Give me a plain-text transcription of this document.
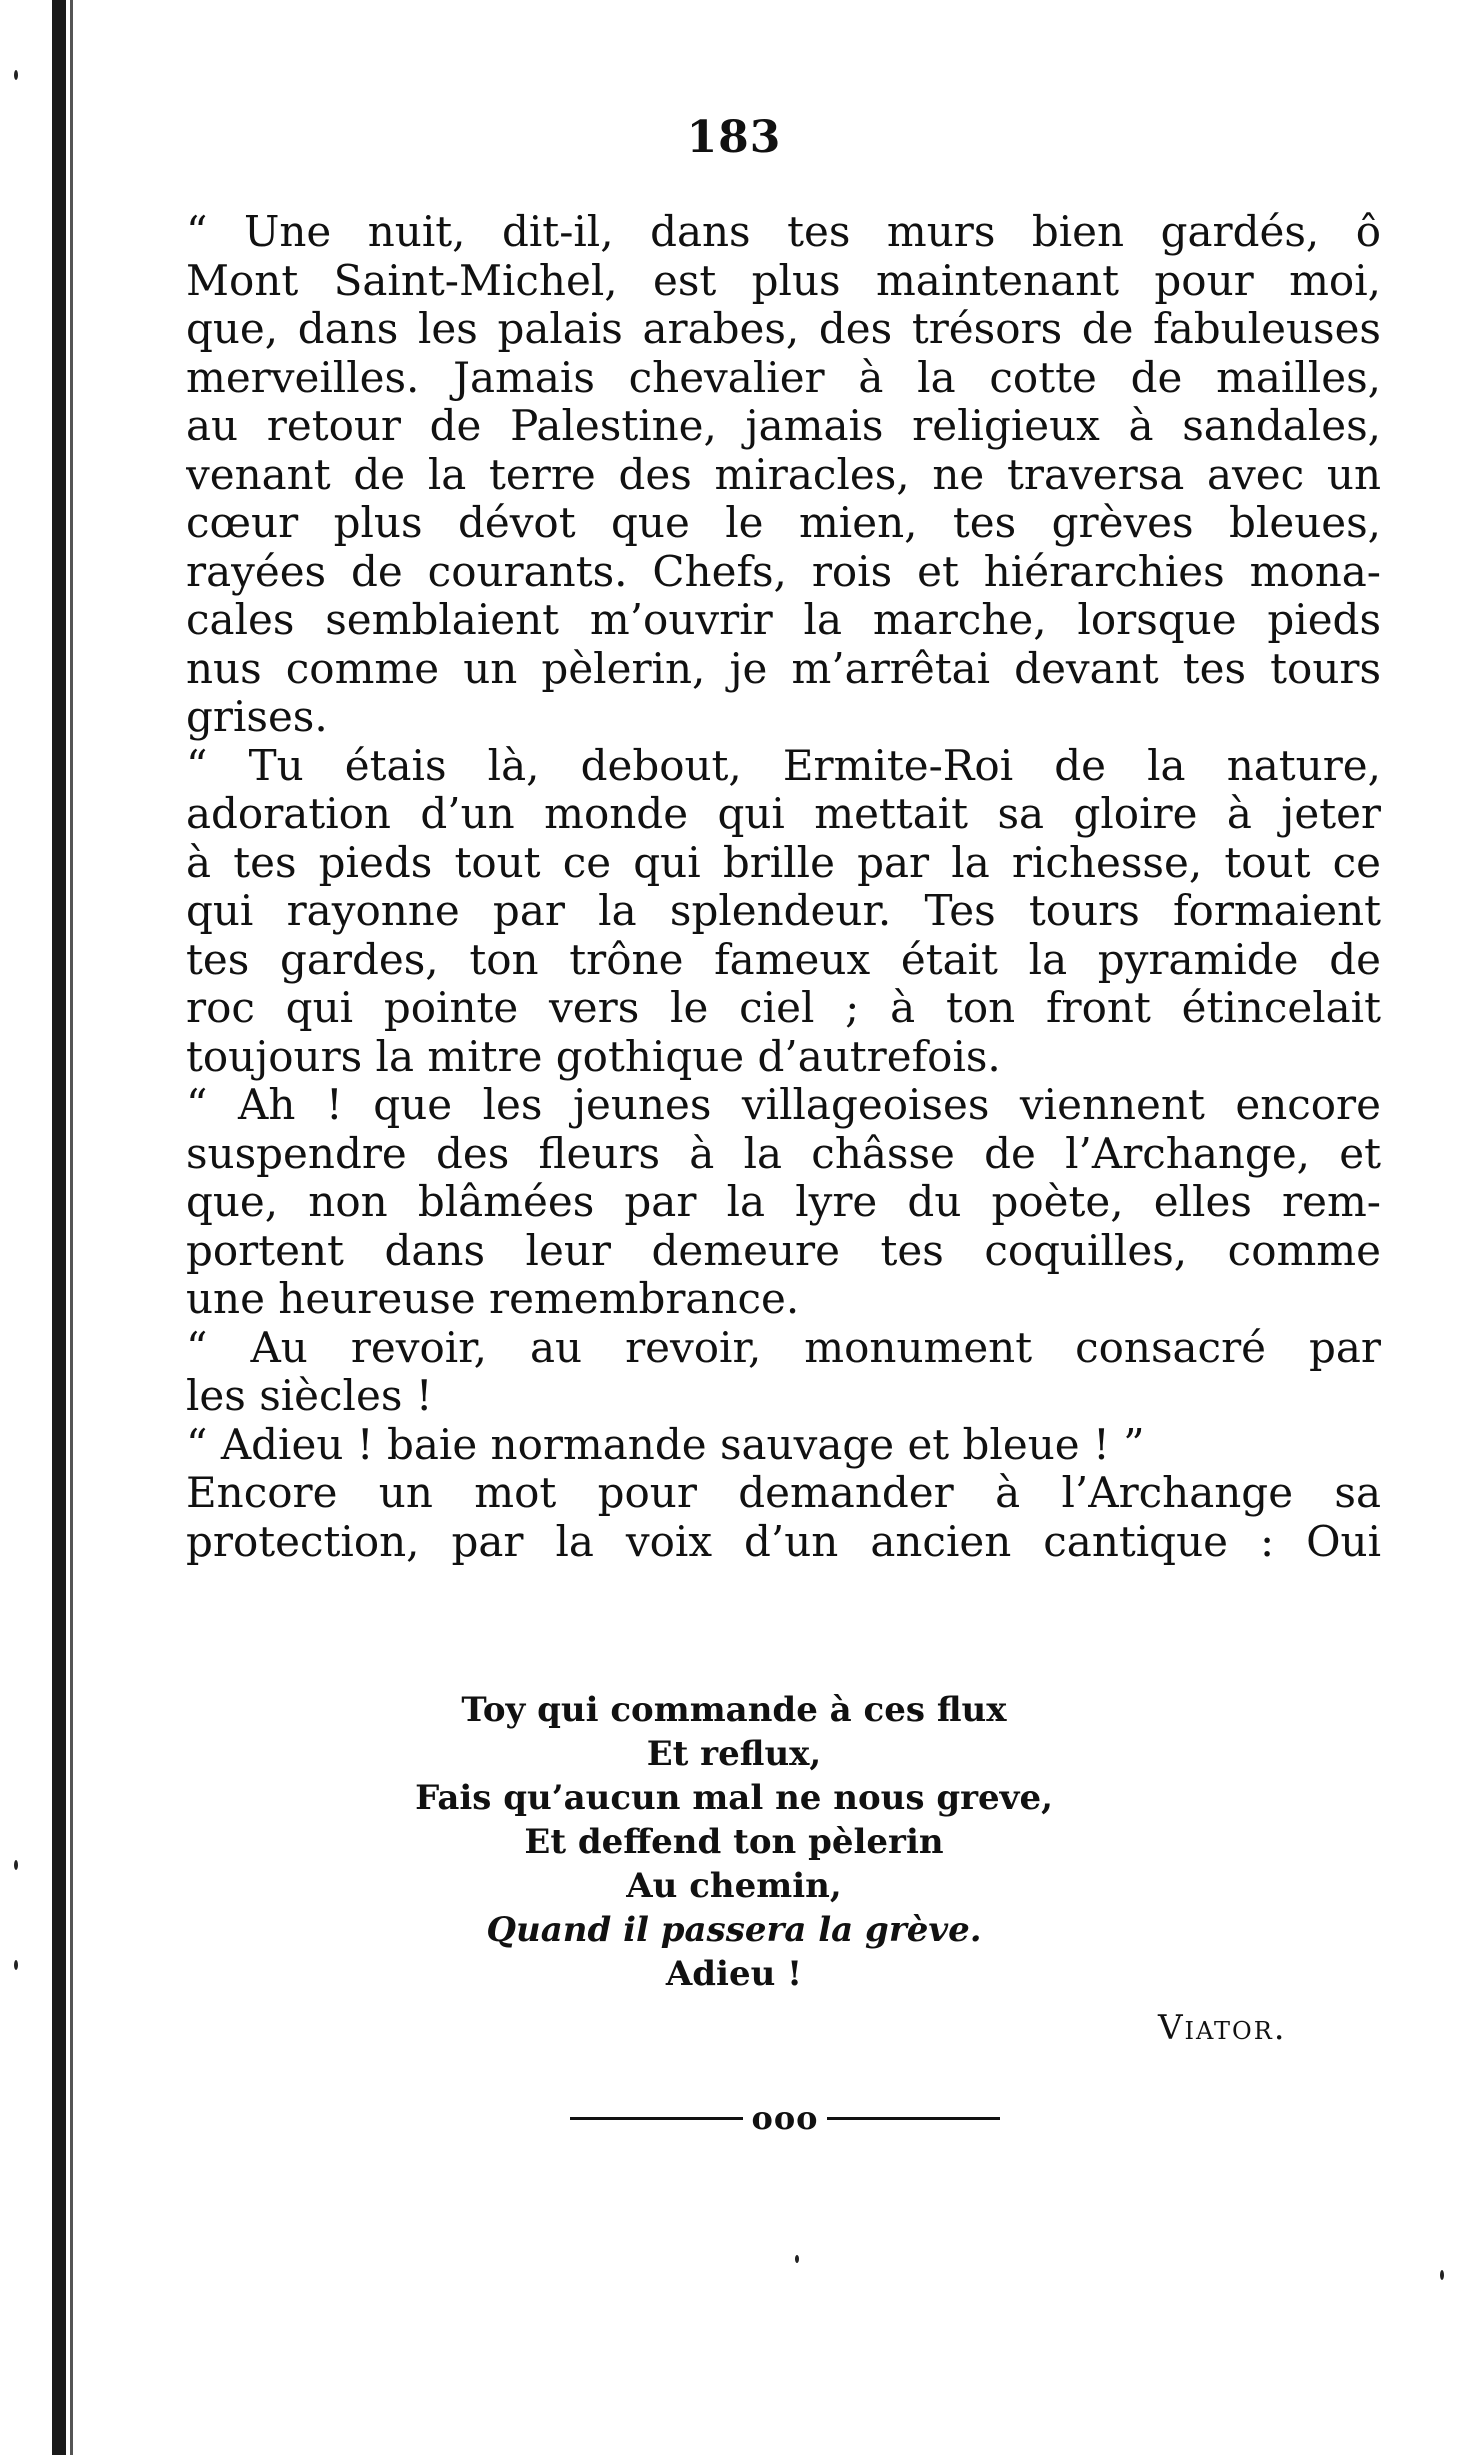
183
“ Une nuit, dit-il, dans tes murs bien gardés, ô
Mont Saint-Michel, est plus maintenant pour moi,
que, dans les palais arabes, des trésors de fabuleuses
merveilles. Jamais chevalier à la cotte de mailles,
au retour de Palestine, jamais religieux à sandales,
venant de la terre des miracles, ne traversa avec un
cœur plus dévot que le mien, tes grèves bleues,
rayées de courants. Chefs, rois et hiérarchies mona-
cales semblaient m’ouvrir la marche, lorsque pieds
nus comme un pèlerin, je m’arrêtai devant tes tours
grises.
“ Tu étais là, debout, Ermite-Roi de la nature,
adoration d’un monde qui mettait sa gloire à jeter
à tes pieds tout ce qui brille par la richesse, tout ce
qui rayonne par la splendeur. Tes tours formaient
tes gardes, ton trône fameux était la pyramide de
roc qui pointe vers le ciel ; à ton front étincelait
toujours la mitre gothique d’autrefois.
“ Ah ! que les jeunes villageoises viennent encore
suspendre des fleurs à la châsse de l’Archange, et
que, non blâmées par la lyre du poète, elles rem-
portent dans leur demeure tes coquilles, comme
une heureuse remembrance.
“ Au revoir, au revoir, monument consacré par
les siècles !
“ Adieu ! baie normande sauvage et bleue ! ”
Encore un mot pour demander à l’Archange sa
protection, par la voix d’un ancien cantique : Oui
Toy qui commande à ces flux
Et reflux,
Fais qu’aucun mal ne nous greve,
Et deffend ton pèlerin
Au chemin,
Quand il passera la grève.
Adieu !
Viator.
ooo
